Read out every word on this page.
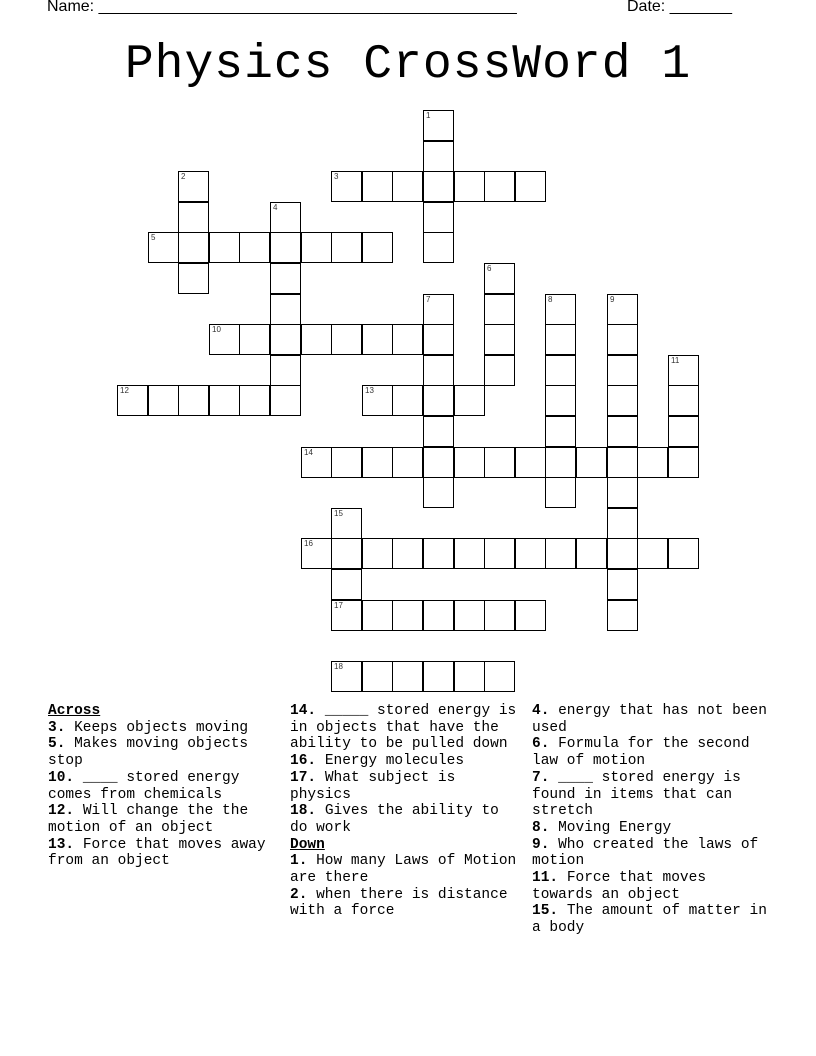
Name: _______________________________________________	Date: _______
Physics CrossWord 1
1
2	3
4
5
6
7	8	9
10
11
12	13
14
15
16
17
18
Across
3. Keeps objects moving
5. Makes moving objects stop
10. ____ stored energy comes from chemicals
12. Will change the the motion of an object
13. Force that moves away from an object
14. _____ stored energy is in objects that have the ability to be pulled down
16. Energy molecules
17. What subject is physics
18. Gives the ability to do work
Down
1. How many Laws of Motion are there
2. when there is distance with a force
4. energy that has not been used
6. Formula for the second law of motion
7. ____ stored energy is found in items that can stretch
8. Moving Energy
9. Who created the laws of motion
11. Force that moves towards an object
15. The amount of matter in a body
